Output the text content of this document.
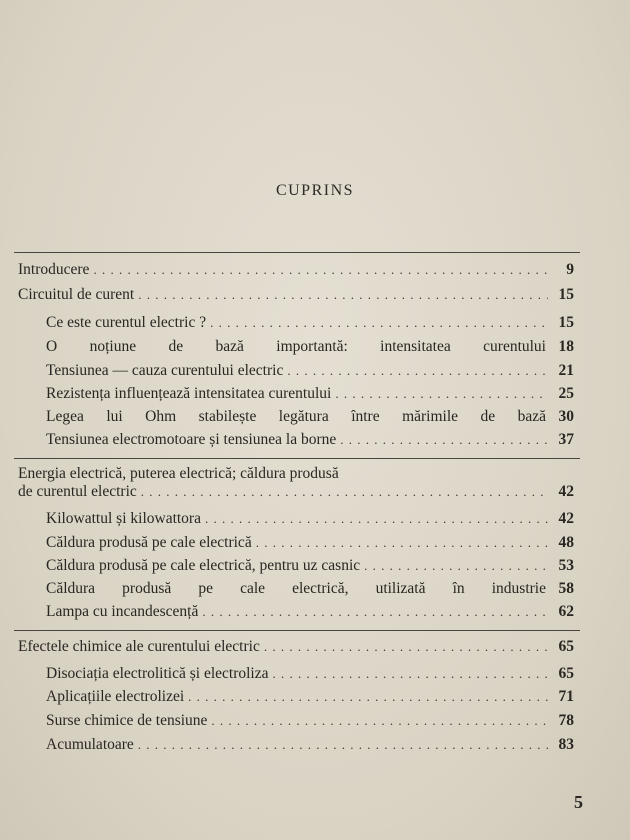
CUPRINS
Introducere . . .	9
Circuitul de curent . . .	15
Ce este curentul electric ? . . .	15
O noțiune de bază importantă: intensitatea curentului 18
Tensiunea — cauza curentului electric . . .	21
Rezistența influențează intensitatea curentului . . .	25
Legea lui Ohm stabilește legătura între mărimile de bază 30
Tensiunea electromotoare și tensiunea la borne . . .	37
Energia electrică, puterea electrică; căldura produsă
de curentul electric . . .	42
Kilowattul și kilowattora . . .	42
Căldura produsă pe cale electrică . . .	48
Căldura produsă pe cale electrică, pentru uz casnic . . .	53
Căldura produsă pe cale electrică, utilizată în industrie 58
Lampa cu incandescență . . .	62
Efectele chimice ale curentului electric . . .	65
Disociația electrolitică și electroliza . . .	65
Aplicațiile electrolizei . . .	71
Surse chimice de tensiune . . .	78
Acumulatoare . . .	83
5
